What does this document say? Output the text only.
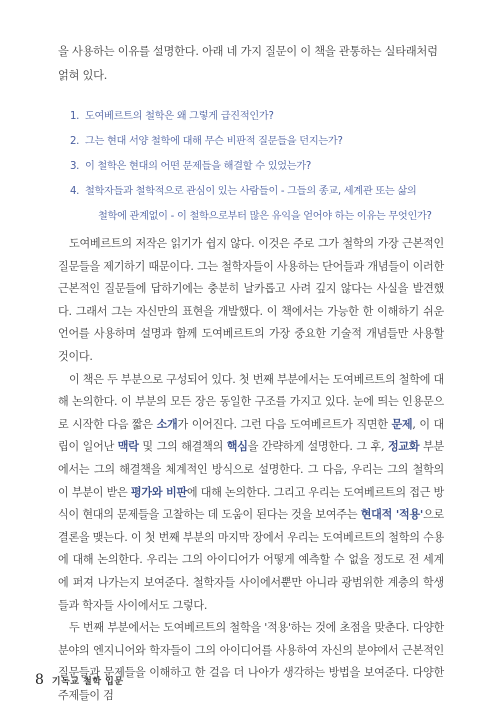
을 사용하는 이유를 설명한다. 아래 네 가지 질문이 이 책을 관통하는 실타래처럼 얽혀 있다.

1. 도여베르트의 철학은 왜 그렇게 급진적인가?
2. 그는 현대 서양 철학에 대해 무슨 비판적 질문들을 던지는가?
3. 이 철학은 현대의 어떤 문제들을 해결할 수 있었는가?
4. 철학자들과 철학적으로 관심이 있는 사람들이 - 그들의 종교, 세계관 또는 삶의
철학에 관계없이 - 이 철학으로부터 많은 유익을 얻어야 하는 이유는 무엇인가?

도여베르트의 저작은 읽기가 쉽지 않다. 이것은 주로 그가 철학의 가장 근본적인 질문들을 제기하기 때문이다. 그는 철학자들이 사용하는 단어들과 개념들이 이러한 근본적인 질문들에 답하기에는 충분히 날카롭고 사려 깊지 않다는 사실을 발견했다. 그래서 그는 자신만의 표현을 개발했다. 이 책에서는 가능한 한 이해하기 쉬운 언어를 사용하며 설명과 함께 도여베르트의 가장 중요한 기술적 개념들만 사용할 것이다.

이 책은 두 부분으로 구성되어 있다. 첫 번째 부분에서는 도여베르트의 철학에 대해 논의한다. 이 부분의 모든 장은 동일한 구조를 가지고 있다. 눈에 띄는 인용문으로 시작한 다음 짧은 소개가 이어진다. 그런 다음 도여베르트가 직면한 문제, 이 대립이 일어난 맥락 및 그의 해결책의 핵심을 간략하게 설명한다. 그 후, 정교화 부분에서는 그의 해결책을 체계적인 방식으로 설명한다. 그 다음, 우리는 그의 철학의 이 부분이 받은 평가와 비판에 대해 논의한다. 그리고 우리는 도여베르트의 접근 방식이 현대의 문제들을 고찰하는 데 도움이 된다는 것을 보여주는 현대적 '적용'으로 결론을 맺는다. 이 첫 번째 부분의 마지막 장에서 우리는 도여베르트의 철학의 수용에 대해 논의한다. 우리는 그의 아이디어가 어떻게 예측할 수 없을 정도로 전 세계에 퍼져 나가는지 보여준다. 철학자들 사이에서뿐만 아니라 광범위한 계층의 학생들과 학자들 사이에서도 그렇다.

두 번째 부분에서는 도여베르트의 철학을 '적용'하는 것에 초점을 맞춘다. 다양한 분야의 엔지니어와 학자들이 그의 아이디어를 사용하여 자신의 분야에서 근본적인 질문들과 문제들을 이해하고 한 걸음 더 나아가 생각하는 방법을 보여준다. 다양한 주제들이 검

8 기독교 철학 입문
